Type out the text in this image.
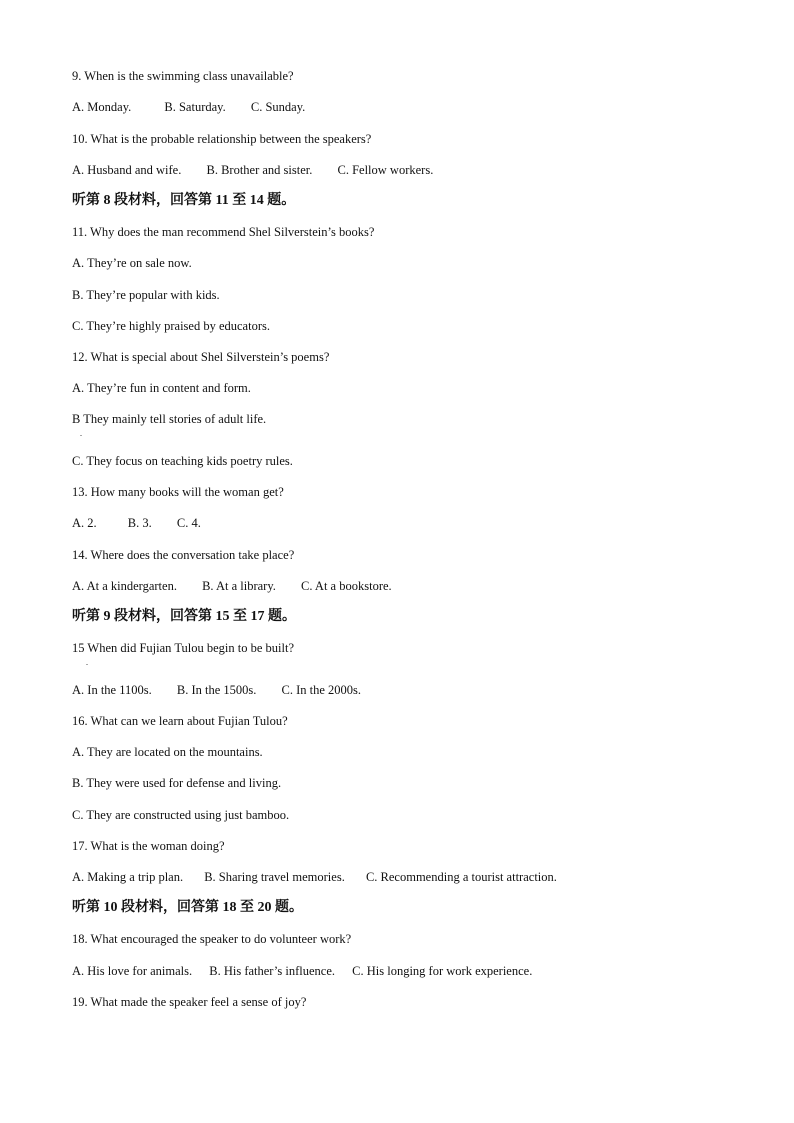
9. When is the swimming class unavailable?
A. Monday.	B. Saturday. C. Sunday.
10. What is the probable relationship between the speakers?
A. Husband and wife. B. Brother and sister. C. Fellow workers.
听第 8 段材料，回答第 11 至 14 题。
11. Why does the man recommend Shel Silverstein’s books?
A. They’re on sale now.
B. They’re popular with kids.
C. They’re highly praised by educators.
12. What is special about Shel Silverstein’s poems?
A. They’re fun in content and form.
B They mainly tell stories of adult life.
.
C. They focus on teaching kids poetry rules.
13. How many books will the woman get?
A. 2. B. 3. C. 4.
14. Where does the conversation take place?
A. At a kindergarten. B. At a library. C. At a bookstore.
听第 9 段材料，回答第 15 至 17 题。
15 When did Fujian Tulou begin to be built?
.
A. In the 1100s. B. In the 1500s. C. In the 2000s.
16. What can we learn about Fujian Tulou?
A. They are located on the mountains.
B. They were used for defense and living.
C. They are constructed using just bamboo.
17. What is the woman doing?
A. Making a trip plan. B. Sharing travel memories. C. Recommending a tourist attraction.
听第 10 段材料，回答第 18 至 20 题。
18. What encouraged the speaker to do volunteer work?
A. His love for animals. B. His father’s influence. C. His longing for work experience.
19. What made the speaker feel a sense of joy?
